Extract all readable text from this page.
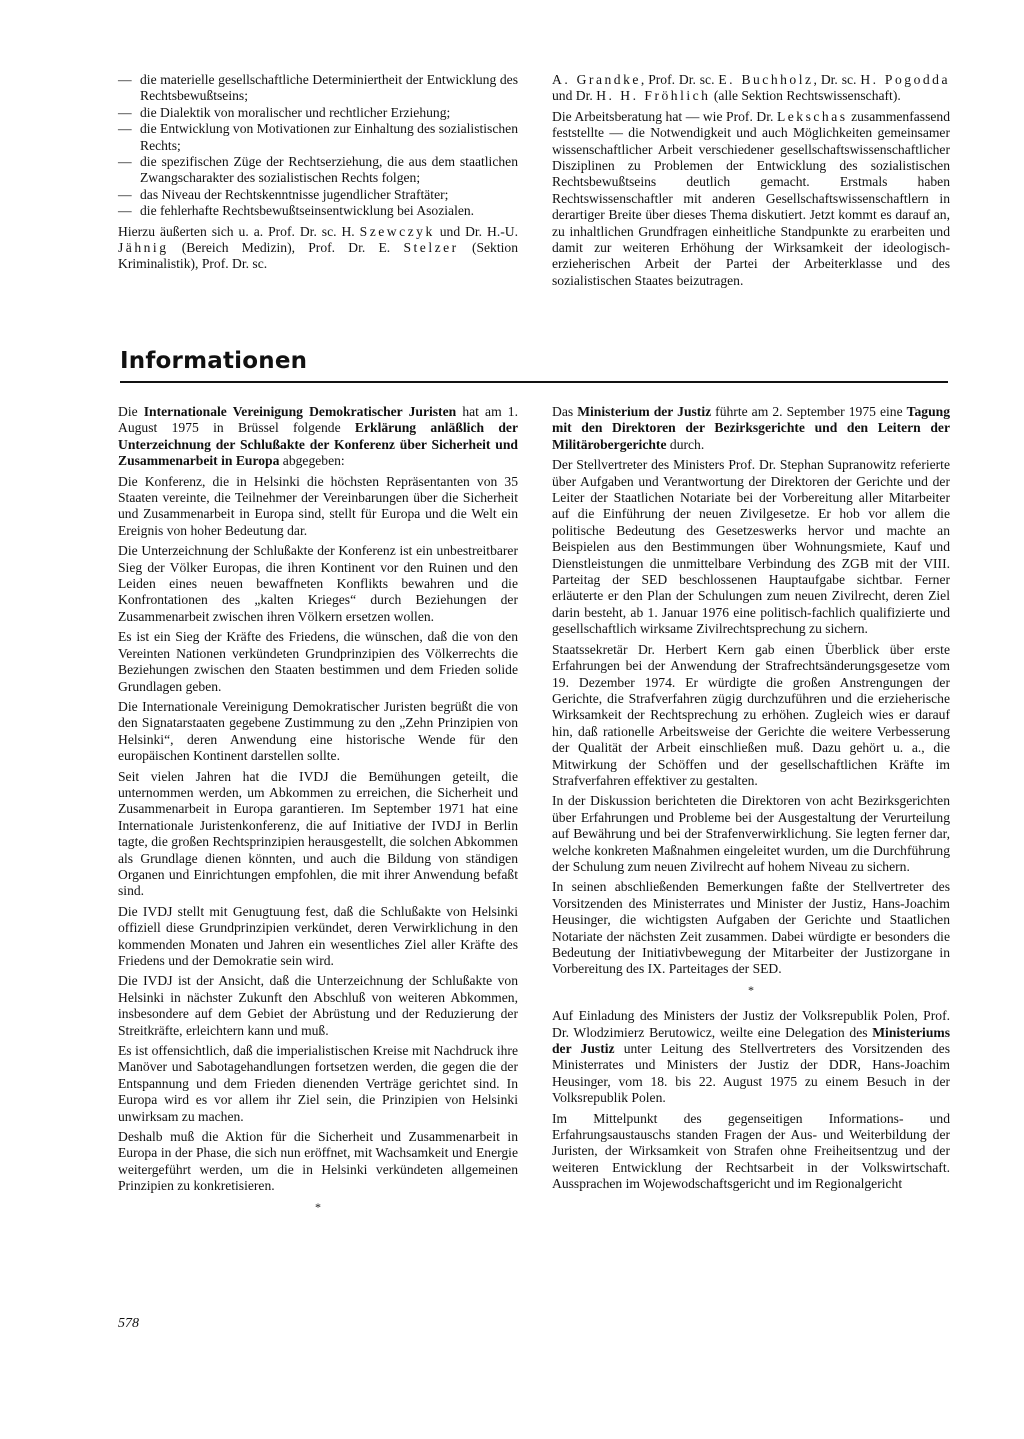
— die materielle gesellschaftliche Determiniertheit der Entwicklung des Rechtsbewußtseins;
— die Dialektik von moralischer und rechtlicher Erziehung;
— die Entwicklung von Motivationen zur Einhaltung des sozialistischen Rechts;
— die spezifischen Züge der Rechtserziehung, die aus dem staatlichen Zwangscharakter des sozialistischen Rechts folgen;
— das Niveau der Rechtskenntnisse jugendlicher Straftäter;
— die fehlerhafte Rechtsbewußtseinsentwicklung bei Asozialen.

Hierzu äußerten sich u. a. Prof. Dr. sc. H. Szewczyk und Dr. H.-U. Jähnig (Bereich Medizin), Prof. Dr. E. Stelzer (Sektion Kriminalistik), Prof. Dr. sc.

A. Grandke, Prof. Dr. sc. E. Buchholz, Dr. sc. H. Pogodda und Dr. H. H. Fröhlich (alle Sektion Rechtswissenschaft).

Die Arbeitsberatung hat — wie Prof. Dr. Lekschas zusammenfassend feststellte — die Notwendigkeit und auch Möglichkeiten gemeinsamer wissenschaftlicher Arbeit verschiedener gesellschaftswissenschaftlicher Disziplinen zu Problemen der Entwicklung des sozialistischen Rechtsbewußtseins deutlich gemacht. Erstmals haben Rechtswissenschaftler mit anderen Gesellschaftswissenschaftlern in derartiger Breite über dieses Thema diskutiert. Jetzt kommt es darauf an, zu inhaltlichen Grundfragen einheitliche Standpunkte zu erarbeiten und damit zur weiteren Erhöhung der Wirksamkeit der ideologisch-erzieherischen Arbeit der Partei der Arbeiterklasse und des sozialistischen Staates beizutragen.

Informationen

Die Internationale Vereinigung Demokratischer Juristen hat am 1. August 1975 in Brüssel folgende Erklärung anläßlich der Unterzeichnung der Schlußakte der Konferenz über Sicherheit und Zusammenarbeit in Europa abgegeben:

Die Konferenz, die in Helsinki die höchsten Repräsentanten von 35 Staaten vereinte, die Teilnehmer der Vereinbarungen über die Sicherheit und Zusammenarbeit in Europa sind, stellt für Europa und die Welt ein Ereignis von hoher Bedeutung dar.

Die Unterzeichnung der Schlußakte der Konferenz ist ein unbestreitbarer Sieg der Völker Europas, die ihren Kontinent vor den Ruinen und den Leiden eines neuen bewaffneten Konflikts bewahren und die Konfrontationen des „kalten Krieges“ durch Beziehungen der Zusammenarbeit zwischen ihren Völkern ersetzen wollen.

Es ist ein Sieg der Kräfte des Friedens, die wünschen, daß die von den Vereinten Nationen verkündeten Grundprinzipien des Völkerrechts die Beziehungen zwischen den Staaten bestimmen und dem Frieden solide Grundlagen geben.

Die Internationale Vereinigung Demokratischer Juristen begrüßt die von den Signatarstaaten gegebene Zustimmung zu den „Zehn Prinzipien von Helsinki“, deren Anwendung eine historische Wende für den europäischen Kontinent darstellen sollte.

Seit vielen Jahren hat die IVDJ die Bemühungen geteilt, die unternommen werden, um Abkommen zu erreichen, die Sicherheit und Zusammenarbeit in Europa garantieren. Im September 1971 hat eine Internationale Juristenkonferenz, die auf Initiative der IVDJ in Berlin tagte, die großen Rechtsprinzipien herausgestellt, die solchen Abkommen als Grundlage dienen könnten, und auch die Bildung von ständigen Organen und Einrichtungen empfohlen, die mit ihrer Anwendung befaßt sind.

Die IVDJ stellt mit Genugtuung fest, daß die Schlußakte von Helsinki offiziell diese Grundprinzipien verkündet, deren Verwirklichung in den kommenden Monaten und Jahren ein wesentliches Ziel aller Kräfte des Friedens und der Demokratie sein wird.

Die IVDJ ist der Ansicht, daß die Unterzeichnung der Schlußakte von Helsinki in nächster Zukunft den Abschluß von weiteren Abkommen, insbesondere auf dem Gebiet der Abrüstung und der Reduzierung der Streitkräfte, erleichtern kann und muß.

Es ist offensichtlich, daß die imperialistischen Kreise mit Nachdruck ihre Manöver und Sabotagehandlungen fortsetzen werden, die gegen die der Entspannung und dem Frieden dienenden Verträge gerichtet sind. In Europa wird es vor allem ihr Ziel sein, die Prinzipien von Helsinki unwirksam zu machen.

Deshalb muß die Aktion für die Sicherheit und Zusammenarbeit in Europa in der Phase, die sich nun eröffnet, mit Wachsamkeit und Energie weitergeführt werden, um die in Helsinki verkündeten allgemeinen Prinzipien zu konkretisieren.

*

Das Ministerium der Justiz führte am 2. September 1975 eine Tagung mit den Direktoren der Bezirksgerichte und den Leitern der Militärobergerichte durch.

Der Stellvertreter des Ministers Prof. Dr. Stephan Supranowitz referierte über Aufgaben und Verantwortung der Direktoren der Gerichte und der Leiter der Staatlichen Notariate bei der Vorbereitung aller Mitarbeiter auf die Einführung der neuen Zivilgesetze. Er hob vor allem die politische Bedeutung des Gesetzeswerks hervor und machte an Beispielen aus den Bestimmungen über Wohnungsmiete, Kauf und Dienstleistungen die unmittelbare Verbindung des ZGB mit der VIII. Parteitag der SED beschlossenen Hauptaufgabe sichtbar. Ferner erläuterte er den Plan der Schulungen zum neuen Zivilrecht, deren Ziel darin besteht, ab 1. Januar 1976 eine politisch-fachlich qualifizierte und gesellschaftlich wirksame Zivilrechtsprechung zu sichern.

Staatssekretär Dr. Herbert Kern gab einen Überblick über erste Erfahrungen bei der Anwendung der Strafrechtsänderungsgesetze vom 19. Dezember 1974. Er würdigte die großen Anstrengungen der Gerichte, die Strafverfahren zügig durchzuführen und die erzieherische Wirksamkeit der Rechtsprechung zu erhöhen. Zugleich wies er darauf hin, daß rationelle Arbeitsweise der Gerichte die weitere Verbesserung der Qualität der Arbeit einschließen muß. Dazu gehört u. a., die Mitwirkung der Schöffen und der gesellschaftlichen Kräfte im Strafverfahren effektiver zu gestalten.

In der Diskussion berichteten die Direktoren von acht Bezirksgerichten über Erfahrungen und Probleme bei der Ausgestaltung der Verurteilung auf Bewährung und bei der Strafenverwirklichung. Sie legten ferner dar, welche konkreten Maßnahmen eingeleitet wurden, um die Durchführung der Schulung zum neuen Zivilrecht auf hohem Niveau zu sichern.

In seinen abschließenden Bemerkungen faßte der Stellvertreter des Vorsitzenden des Ministerrates und Minister der Justiz, Hans-Joachim Heusinger, die wichtigsten Aufgaben der Gerichte und Staatlichen Notariate der nächsten Zeit zusammen. Dabei würdigte er besonders die Bedeutung der Initiativbewegung der Mitarbeiter der Justizorgane in Vorbereitung des IX. Parteitages der SED.

*

Auf Einladung des Ministers der Justiz der Volksrepublik Polen, Prof. Dr. Wlodzimierz Berutowicz, weilte eine Delegation des Ministeriums der Justiz unter Leitung des Stellvertreters des Vorsitzenden des Ministerrates und Ministers der Justiz der DDR, Hans-Joachim Heusinger, vom 18. bis 22. August 1975 zu einem Besuch in der Volksrepublik Polen.

Im Mittelpunkt des gegenseitigen Informations- und Erfahrungsaustauschs standen Fragen der Aus- und Weiterbildung der Juristen, der Wirksamkeit von Strafen ohne Freiheitsentzug und der weiteren Entwicklung der Rechtsarbeit in der Volkswirtschaft. Aussprachen im Wojewodschaftsgericht und im Regionalgericht

578
